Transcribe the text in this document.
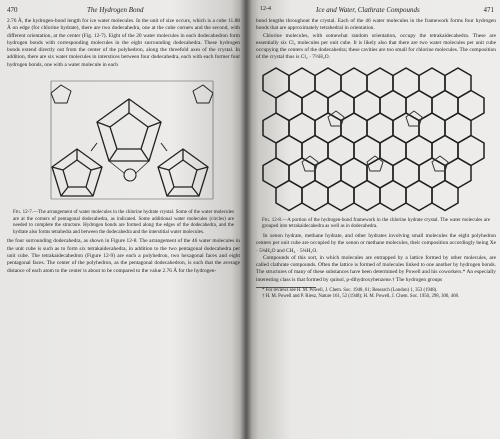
470	The Hydrogen Bond

2.76 Å, the hydrogen-bond length for ice water molecules. In the unit of size occurs, which is a cube 11.88 Å on edge (for chlorine hydrate), there are two dodecahedra, one at the cube corners and the second, with different orientation, at the center (Fig. 12-7). Eight of the 20 water molecules in each dodecahedron form hydrogen bonds with corresponding molecules in the eight surrounding dodecahedra. These hydrogen bonds extend directly out from the center of the polyhedron, along the threefold axes of the crystal. In addition, there are six water molecules in interstices between four dodecahedra, each with each former four hydrogen bonds, one with a water molecule in each

Fig. 12-7.—The arrangement of water molecules in the chlorine hydrate crystal. Some of the water molecules are at the corners of pentagonal dodecahedra, as indicated. Some additional water molecules (circles) are needed to complete the structure. Hydrogen bonds are formed along the edges of the dodecahedra, and the hydrate also forms tetrahedra and between the dodecahedra and the interstitial water molecules.

the four surrounding dodecahedra, as shown in Figure 12-8. The arrangement of the 46 water molecules in the unit cube is such as to form six tetrakaidecahedra, in addition to the two pentagonal dodecahedra per unit cube. The tetrakaidecahedron (Figure 12-9) are each a polyhedron, two hexagonal faces and eight pentagonal faces. The center of the polyhedron, as the pentagonal dodecahedron, is such that the average distance of each atom to the center is about to be compared to the value 2.76 Å for the hydrogen-

12-4	Ice and Water, Clathrate Compounds	471

bond lengths throughout the crystal. Each of the 46 water molecules in the framework forms four hydrogen bonds that are approximately tetrahedral in orientation.

Chlorine molecules, with somewhat random orientation, occupy the tetrakaidecahedra. These are essentially six Cl₂ molecules per unit cube. It is likely also that there are two water molecules per unit cube occupying the centers of the dodecahedra; these cavities are too small for chlorine molecules. The composition of the crystal thus is Cl₂ · 7⅔H₂O.

Fig. 12-8.—A portion of the hydrogen-bond framework in the chlorine hydrate crystal. The water molecules are grouped into tetrakaidecahedra as well as in dodecahedra.

In xenon hydrate, methane hydrate, and other hydrates involving small molecules the eight polyhedron centers per unit cube are occupied by the xenon or methane molecules, their composition accordingly being Xe · 5¾H₂O and CH₄ · 5¾H₂O.

Compounds of this sort, in which molecules are entrapped by a lattice formed by other molecules, are called clathrate compounds. Often the lattice is formed of molecules linked to one another by hydrogen bonds. The structures of many of these substances have been determined by Powell and his coworkers.* An especially interesting class is that formed by quinol, p-dihydroxybenzene.† The hydrogen groups

* For reviews see H. M. Powell, J. Chem. Soc. 1948, 61; Research (London) 1, 353 (1948).

† H. M. Powell and P. Riesz, Nature 161, 52 (1948); H. M. Powell, J. Chem. Soc. 1950, 298, 300, 468.
